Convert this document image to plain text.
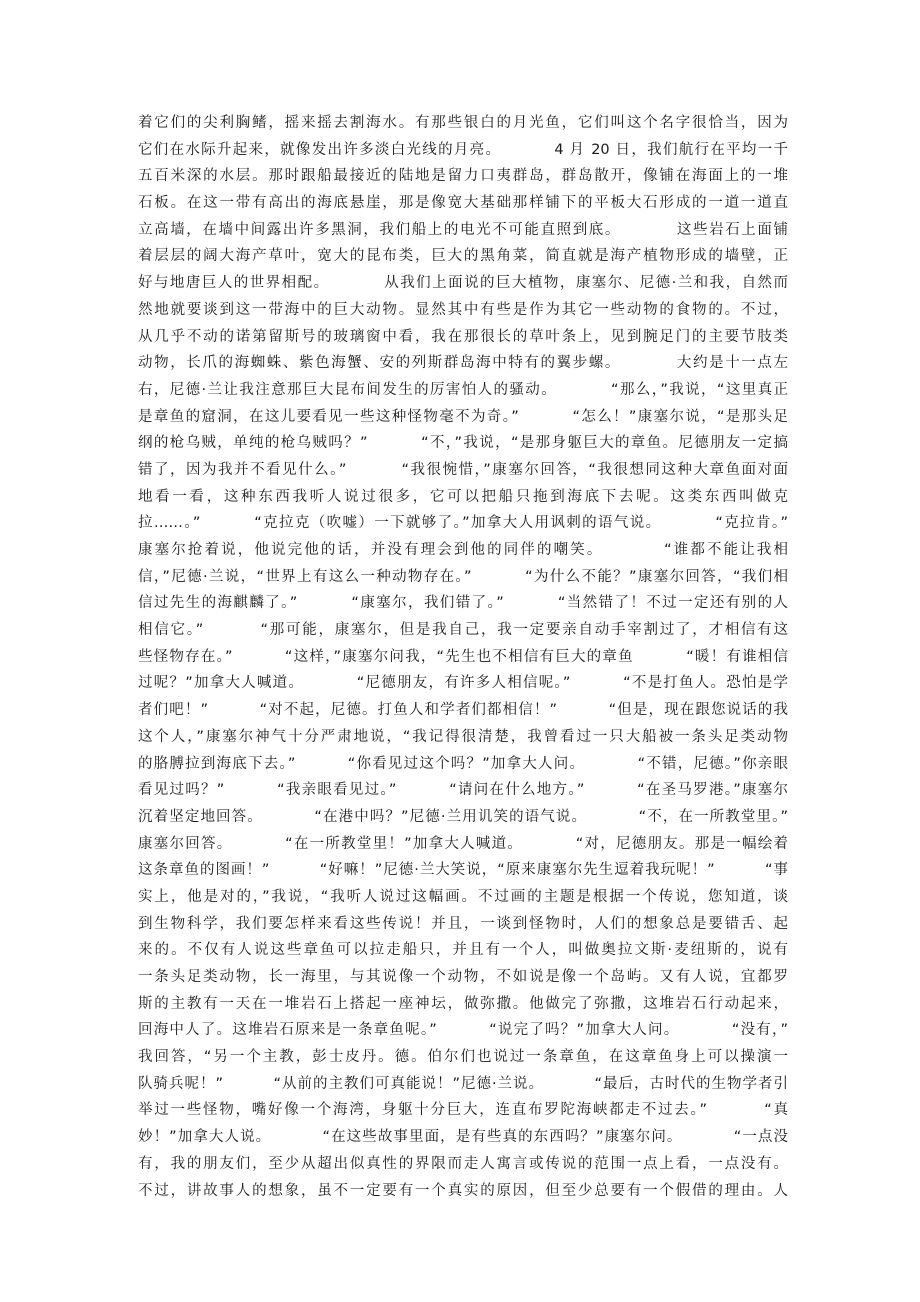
着它们的尖利胸鳍，摇来摇去割海水。有那些银白的月光鱼，它们叫这个名字很恰当，因为
它们在水际升起来，就像发出许多淡白光线的月亮。         4 月 20 日，我们航行在平均一千
五百米深的水层。那时跟船最接近的陆地是留力口夷群岛，群岛散开，像铺在海面上的一堆
石板。在这一带有高出的海底悬崖，那是像宽大基础那样铺下的平板大石形成的一道一道直
立高墙，在墙中间露出许多黑洞，我们船上的电光不可能直照到底。         这些岩石上面铺
着层层的阔大海产草叶，宽大的昆布类，巨大的黑角菜，简直就是海产植物形成的墙壁，正
好与地唐巨人的世界相配。         从我们上面说的巨大植物，康塞尔、尼德·兰和我，自然而
然地就要谈到这一带海中的巨大动物。显然其中有些是作为其它一些动物的食物的。不过，
从几乎不动的诺第留斯号的玻璃窗中看，我在那很长的草叶条上，见到腕足门的主要节肢类
动物，长爪的海蜘蛛、紫色海蟹、安的列斯群岛海中特有的翼步螺。         大约是十一点左
右，尼德·兰让我注意那巨大昆布间发生的厉害怕人的骚动。         “那么，”我说，“这里真正
是章鱼的窟洞，在这儿要看见一些这种怪物毫不为奇。”         “怎么！”康塞尔说，“是那头足
纲的枪乌贼，单纯的枪乌贼吗？”         “不，”我说，“是那身躯巨大的章鱼。尼德朋友一定搞
错了，因为我并不看见什么。”         “我很惋惜，”康塞尔回答，“我很想同这种大章鱼面对面
地看一看，这种东西我听人说过很多，它可以把船只拖到海底下去呢。这类东西叫做克
拉……。”         “克拉克（吹嘘）一下就够了。”加拿大人用讽刺的语气说。         “克拉肯。”
康塞尔抢着说，他说完他的话，并没有理会到他的同伴的嘲笑。         “谁都不能让我相
信，”尼德·兰说，“世界上有这么一种动物存在。”         “为什么不能？”康塞尔回答，“我们相
信过先生的海麒麟了。”         “康塞尔，我们错了。”         “当然错了！不过一定还有别的人
相信它。”         “那可能，康塞尔，但是我自己，我一定要亲自动手宰割过了，才相信有这
些怪物存在。”         “这样，”康塞尔问我，“先生也不相信有巨大的章鱼         “暖！有谁相信
过呢？”加拿大人喊道。         “尼德朋友，有许多人相信呢。”         “不是打鱼人。恐怕是学
者们吧！”         “对不起，尼德。打鱼人和学者们都相信！”         “但是，现在跟您说话的我
这个人，”康塞尔神气十分严肃地说，“我记得很清楚，我曾看过一只大船被一条头足类动物
的胳膊拉到海底下去。”         “你看见过这个吗？”加拿大人问。         “不错，尼德。”你亲眼
看见过吗？”         “我亲眼看见过。”         “请问在什么地方。”         “在圣马罗港。”康塞尔
沉着坚定地回答。         “在港中吗？”尼德·兰用讥笑的语气说。         “不，在一所教堂里。”
康塞尔回答。         “在一所教堂里！”加拿大人喊道。         “对，尼德朋友。那是一幅绘着
这条章鱼的图画！”         “好嘛！”尼德·兰大笑说，“原来康塞尔先生逗着我玩呢！”         “事
实上，他是对的，”我说，“我听人说过这幅画。不过画的主题是根据一个传说，您知道，谈
到生物科学，我们要怎样来看这些传说！并且，一谈到怪物时，人们的想象总是要错舌、起
来的。不仅有人说这些章鱼可以拉走船只，并且有一个人，叫做奥拉文斯·麦纽斯的，说有
一条头足类动物，长一海里，与其说像一个动物，不如说是像一个岛屿。又有人说，宜都罗
斯的主教有一天在一堆岩石上搭起一座神坛，做弥撒。他做完了弥撒，这堆岩石行动起来，
回海中人了。这堆岩石原来是一条章鱼呢。”         “说完了吗？”加拿大人问。         “没有，”
我回答，“另一个主教，彭士皮丹。德。伯尔们也说过一条章鱼，在这章鱼身上可以操演一
队骑兵呢！”         “从前的主教们可真能说！”尼德·兰说。         “最后，古时代的生物学者引
举过一些怪物，嘴好像一个海湾，身躯十分巨大，连直布罗陀海峡都走不过去。”         “真
妙！”加拿大人说。         “在这些故事里面，是有些真的东西吗？”康塞尔问。         “一点没
有，我的朋友们，至少从超出似真性的界限而走人寓言或传说的范围一点上看，一点没有。
不过，讲故事人的想象，虽不一定要有一个真实的原因，但至少总要有一个假借的理由。人
